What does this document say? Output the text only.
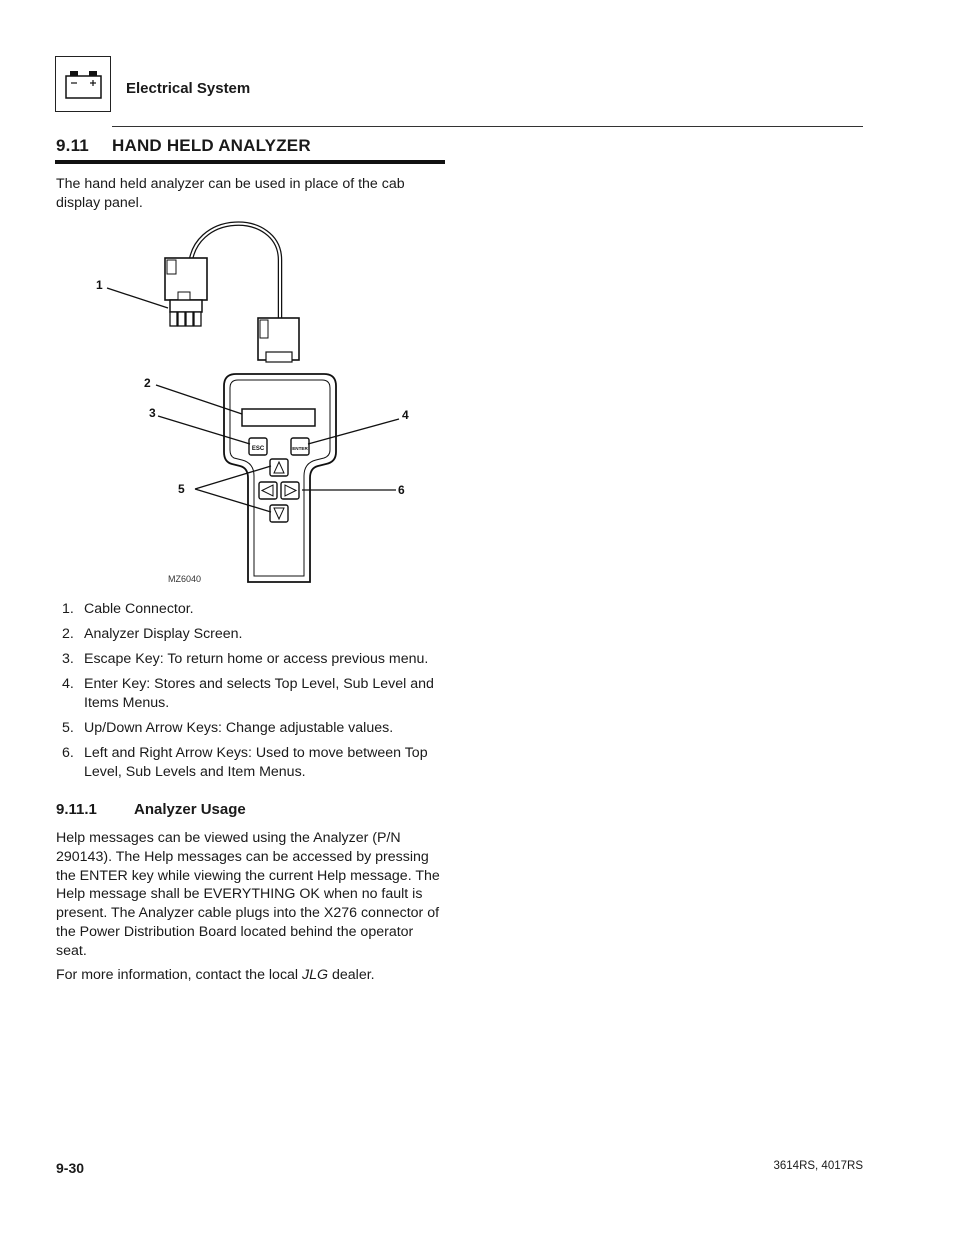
Electrical System
9.11 HAND HELD ANALYZER
The hand held analyzer can be used in place of the cab display panel.
ESC	ENTER
1
2
3	4
5	6
MZ6040
1. Cable Connector.
2. Analyzer Display Screen.
3. Escape Key: To return home or access previous menu.
4. Enter Key: Stores and selects Top Level, Sub Level and Items Menus.
5. Up/Down Arrow Keys: Change adjustable values.
6. Left and Right Arrow Keys: Used to move between Top Level, Sub Levels and Item Menus.
9.11.1 Analyzer Usage
Help messages can be viewed using the Analyzer (P/N 290143). The Help messages can be accessed by pressing the ENTER key while viewing the current Help message. The Help message shall be EVERYTHING OK when no fault is present. The Analyzer cable plugs into the X276 connector of the Power Distribution Board located behind the operator seat.
For more information, contact the local JLG dealer.
9-30	3614RS, 4017RS
